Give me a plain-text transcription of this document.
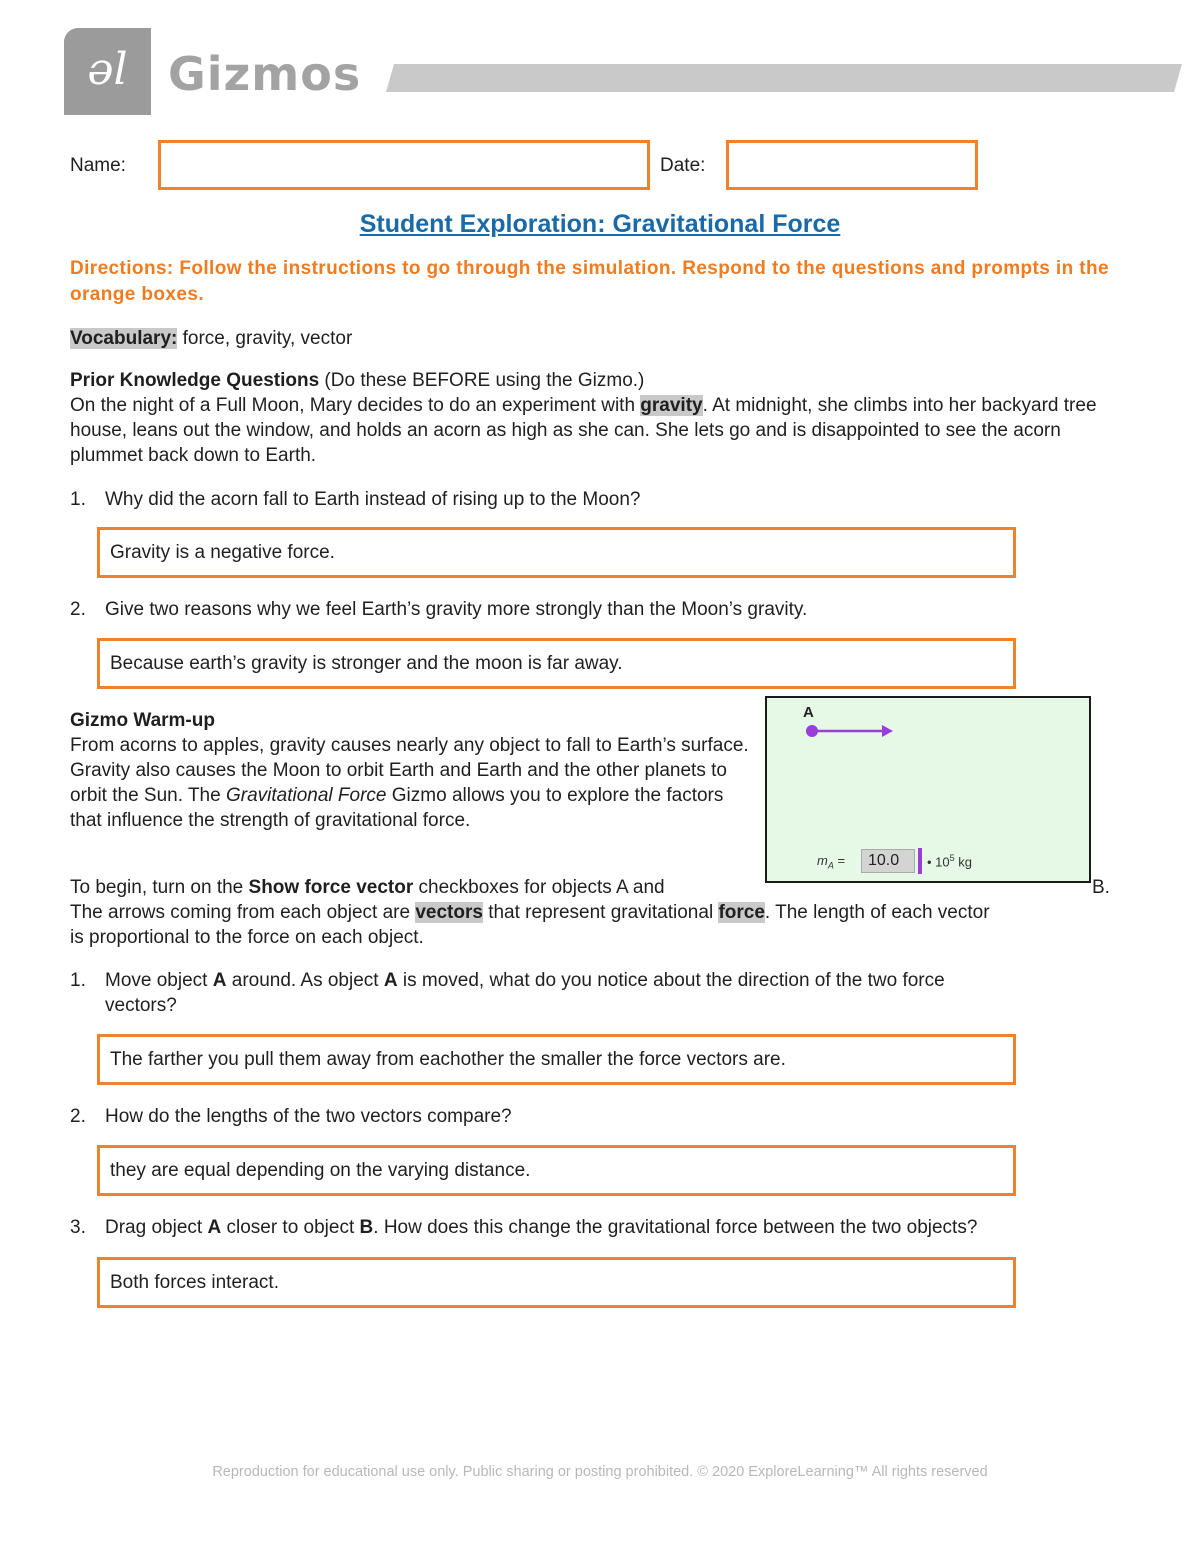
ǝl Gizmos
Name:	Date:
Student Exploration: Gravitational Force
Directions: Follow the instructions to go through the simulation. Respond to the questions and prompts in the orange boxes.
Vocabulary: force, gravity, vector
Prior Knowledge Questions (Do these BEFORE using the Gizmo.)
On the night of a Full Moon, Mary decides to do an experiment with gravity. At midnight, she climbs into her backyard tree house, leans out the window, and holds an acorn as high as she can. She lets go and is disappointed to see the acorn plummet back down to Earth.
1. Why did the acorn fall to Earth instead of rising up to the Moon?
Gravity is a negative force.
2. Give two reasons why we feel Earth’s gravity more strongly than the Moon’s gravity.
Because earth’s gravity is stronger and the moon is far away.
Gizmo Warm-up
From acorns to apples, gravity causes nearly any object to fall to Earth’s surface. Gravity also causes the Moon to orbit Earth and Earth and the other planets to orbit the Sun. The Gravitational Force Gizmo allows you to explore the factors that influence the strength of gravitational force.
A
$m_A$ =	10.0	• $10^5$ kg
To begin, turn on the Show force vector checkboxes for objects A and	B.
The arrows coming from each object are vectors that represent gravitational force. The length of each vector
is proportional to the force on each object.
1. Move object A around. As object A is moved, what do you notice about the direction of the two force
vectors?
The farther you pull them away from eachother the smaller the force vectors are.
2. How do the lengths of the two vectors compare?
they are equal depending on the varying distance.
3. Drag object A closer to object B. How does this change the gravitational force between the two objects?
Both forces interact.
Reproduction for educational use only. Public sharing or posting prohibited. © 2020 ExploreLearning™ All rights reserved
